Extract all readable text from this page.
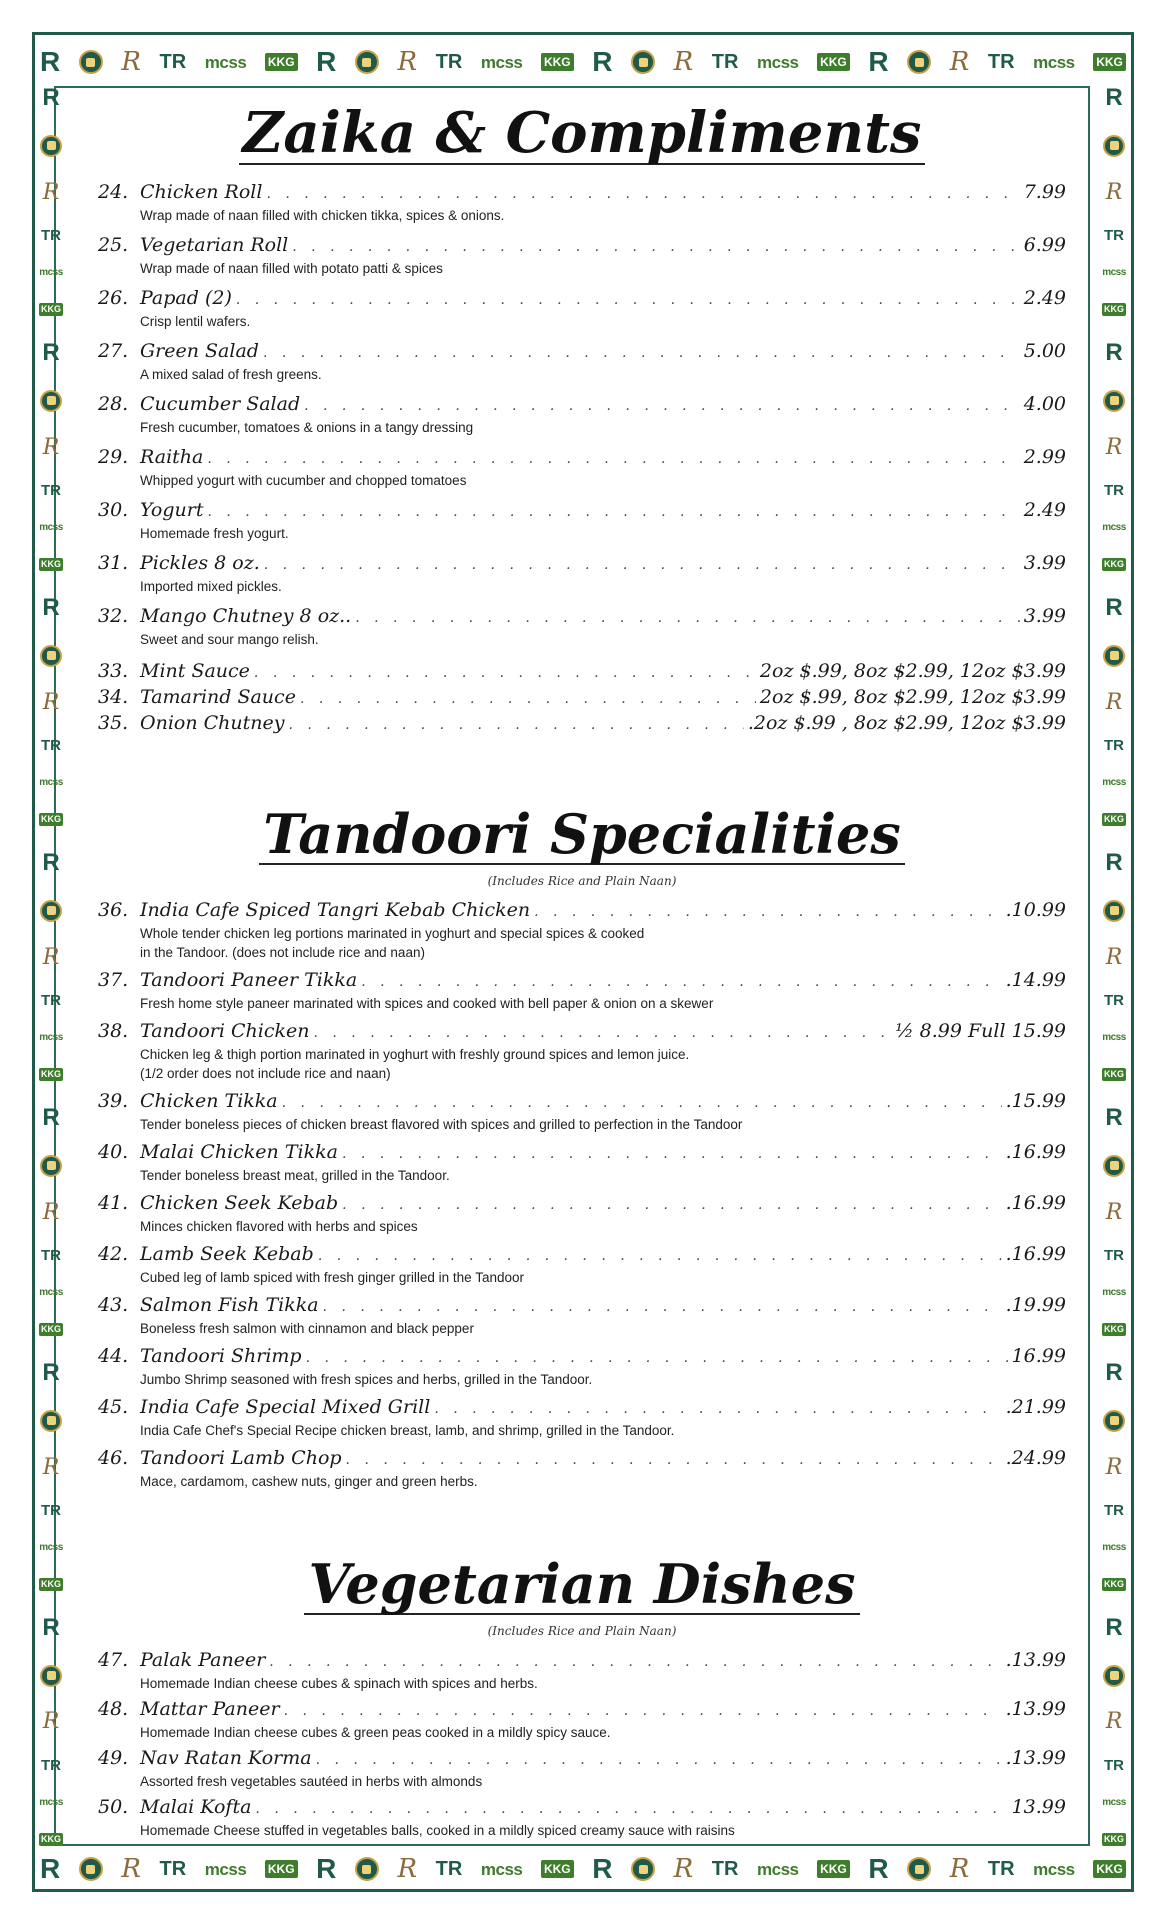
R R TR mcss KKG R R TR mcss KKG R R TR mcss KKG R R TR mcss KKG
R R TR mcss KKG R R TR mcss KKG R R TR mcss KKG R R TR mcss KKG
R
R
TR
mcss
KKG
R
R
TR
mcss
KKG
R
R
TR
mcss
KKG
R
R
TR
mcss
KKG
R
R
TR
mcss
KKG
R
R
TR
mcss
KKG
R
R
TR
mcss
KKG
R
R
TR
mcss
KKG
R
R
TR
mcss
KKG
R
R
TR
mcss
KKG
R
R
TR
mcss
KKG
R
R
TR
mcss
KKG
R
R
TR
mcss
KKG
R
R
TR
mcss
KKG
Zaika & Compliments
24. Chicken Roll . . .	7.99
Wrap made of naan filled with chicken tikka, spices & onions.
25. Vegetarian Roll . . .	6.99
Wrap made of naan filled with potato patti & spices
26. Papad (2) . . .	2.49
Crisp lentil wafers.
27. Green Salad . . .	5.00
A mixed salad of fresh greens.
28. Cucumber Salad . . .	4.00
Fresh cucumber, tomatoes & onions in a tangy dressing
29. Raitha . . .	2.99
Whipped yogurt with cucumber and chopped tomatoes
30. Yogurt . . .	2.49
Homemade fresh yogurt.
31. Pickles 8 oz. . . .	3.99
Imported mixed pickles.
32. Mango Chutney 8 oz.. . . .	3.99
Sweet and sour mango relish.
33. Mint Sauce . . .	2oz $.99, 8oz $2.99, 12oz $3.99
34. Tamarind Sauce . . .	2oz $.99, 8oz $2.99, 12oz $3.99
35. Onion Chutney . . .	.2oz $.99 , 8oz $2.99, 12oz $3.99
Tandoori Specialities
(Includes Rice and Plain Naan)
36. India Cafe Spiced Tangri Kebab Chicken . . .	.10.99
Whole tender chicken leg portions marinated in yoghurt and special spices & cooked
in the Tandoor. (does not include rice and naan)
37. Tandoori Paneer Tikka . . .	.14.99
Fresh home style paneer marinated with spices and cooked with bell paper & onion on a skewer
38. Tandoori Chicken . . .	½ 8.99 Full 15.99
Chicken leg & thigh portion marinated in yoghurt with freshly ground spices and lemon juice.
(1/2 order does not include rice and naan)
39. Chicken Tikka . . .	.15.99
Tender boneless pieces of chicken breast flavored with spices and grilled to perfection in the Tandoor
40. Malai Chicken Tikka . . .	.16.99
Tender boneless breast meat, grilled in the Tandoor.
41. Chicken Seek Kebab . . .	.16.99
Minces chicken flavored with herbs and spices
42. Lamb Seek Kebab . . .	.16.99
Cubed leg of lamb spiced with fresh ginger grilled in the Tandoor
43. Salmon Fish Tikka . . .	.19.99
Boneless fresh salmon with cinnamon and black pepper
44. Tandoori Shrimp . . .	16.99
Jumbo Shrimp seasoned with fresh spices and herbs, grilled in the Tandoor.
45. India Cafe Special Mixed Grill . . .	.21.99
India Cafe Chef's Special Recipe chicken breast, lamb, and shrimp, grilled in the Tandoor.
46. Tandoori Lamb Chop . . .	.24.99
Mace, cardamom, cashew nuts, ginger and green herbs.
Vegetarian Dishes
(Includes Rice and Plain Naan)
47. Palak Paneer . . .	.13.99
Homemade Indian cheese cubes & spinach with spices and herbs.
48. Mattar Paneer . . .	.13.99
Homemade Indian cheese cubes & green peas cooked in a mildly spicy sauce.
49. Nav Ratan Korma . . .	.13.99
Assorted fresh vegetables sautéed in herbs with almonds
50. Malai Kofta . . .	13.99
Homemade Cheese stuffed in vegetables balls, cooked in a mildly spiced creamy sauce with raisins
